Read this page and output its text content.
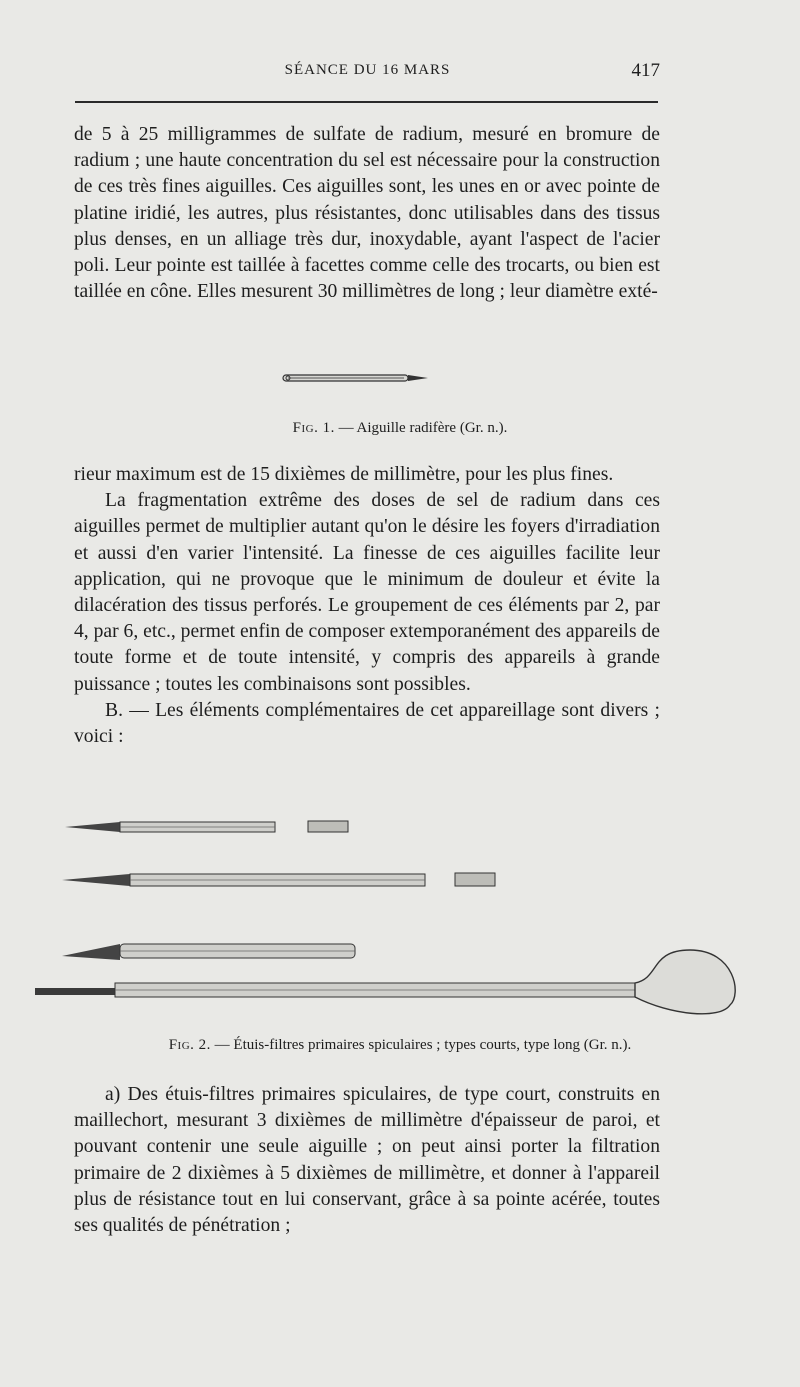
SÉANCE DU 16 MARS	417

de 5 à 25 milligrammes de sulfate de radium, mesuré en bromure de radium ; une haute concentration du sel est nécessaire pour la construction de ces très fines aiguilles. Ces aiguilles sont, les unes en or avec pointe de platine iridié, les autres, plus résistantes, donc utilisables dans des tissus plus denses, en un alliage très dur, inoxydable, ayant l'aspect de l'acier poli. Leur pointe est taillée à facettes comme celle des trocarts, ou bien est taillée en cône. Elles mesurent 30 millimètres de long ; leur diamètre exté-

Fig. 1. — Aiguille radifère (Gr. n.).

rieur maximum est de 15 dixièmes de millimètre, pour les plus fines.

La fragmentation extrême des doses de sel de radium dans ces aiguilles permet de multiplier autant qu'on le désire les foyers d'irradiation et aussi d'en varier l'intensité. La finesse de ces aiguilles facilite leur application, qui ne provoque que le minimum de douleur et évite la dilacération des tissus perforés. Le groupement de ces éléments par 2, par 4, par 6, etc., permet enfin de composer extemporanément des appareils de toute forme et de toute intensité, y compris des appareils à grande puissance ; toutes les combinaisons sont possibles.

B. — Les éléments complémentaires de cet appareillage sont divers ; voici :

Fig. 2. — Étuis-filtres primaires spiculaires ; types courts, type long (Gr. n.).

a) Des étuis-filtres primaires spiculaires, de type court, construits en maillechort, mesurant 3 dixièmes de millimètre d'épaisseur de paroi, et pouvant contenir une seule aiguille ; on peut ainsi porter la filtration primaire de 2 dixièmes à 5 dixièmes de millimètre, et donner à l'appareil plus de résistance tout en lui conservant, grâce à sa pointe acérée, toutes ses qualités de pénétration ;
